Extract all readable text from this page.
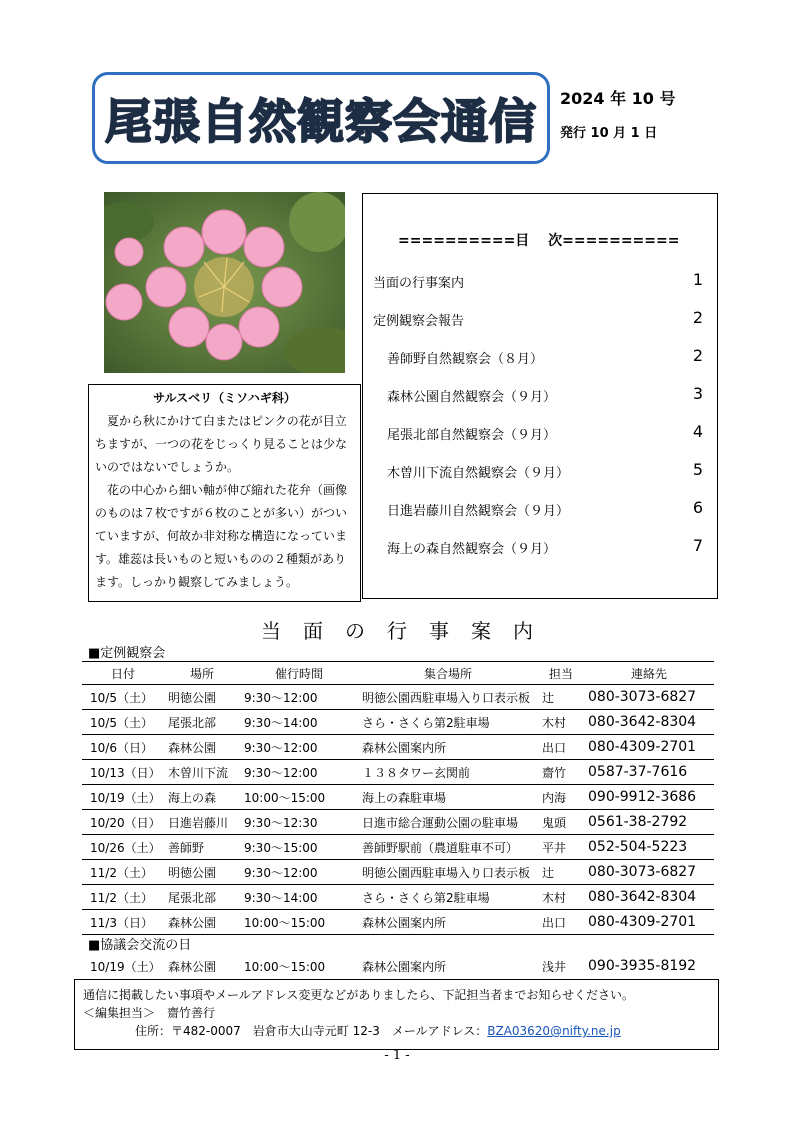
尾張自然観察会通信 2024 年 10 号
発行 10 月 1 日
サルスベリ（ミソハギ科）

夏から秋にかけて白またはピンクの花が目立ちますが、一つの花をじっくり見ることは少ないのではないでしょうか。

花の中心から細い軸が伸び縮れた花弁（画像のものは７枚ですが６枚のことが多い）がついていますが、何故か非対称な構造になっています。雄蕊は長いものと短いものの２種類があります。しっかり観察してみましょう。

==========目　 次==========
当面の行事案内	1
定例観察会報告	2
善師野自然観察会（８月）	2
森林公園自然観察会（９月）	3
尾張北部自然観察会（９月）	4
木曽川下流自然観察会（９月）	5
日進岩藤川自然観察会（９月）	6
海上の森自然観察会（９月）	7
当面の行事案内
■定例観察会
日付	場所	催行時間	集合場所	担当	連絡先
10/5（土）	明徳公園	9:30～12:00	明徳公園西駐車場入り口表示板	辻	080-3073-6827
10/5（土）	尾張北部	9:30～14:00	さら・さくら第2駐車場	木村	080-3642-8304
10/6（日）	森林公園	9:30～12:00	森林公園案内所	出口	080-4309-2701
10/13（日）	木曽川下流	9:30～12:00	１３８タワー玄関前	齋竹	0587-37-7616
10/19（土）	海上の森	10:00～15:00	海上の森駐車場	内海	090-9912-3686
10/20（日）	日進岩藤川	9:30～12:30	日進市総合運動公園の駐車場	鬼頭	0561-38-2792
10/26（土）	善師野	9:30～15:00	善師野駅前（農道駐車不可）	平井	052-504-5223
11/2（土）	明徳公園	9:30～12:00	明徳公園西駐車場入り口表示板	辻	080-3073-6827
11/2（土）	尾張北部	9:30～14:00	さら・さくら第2駐車場	木村	080-3642-8304
11/3（日）	森林公園	10:00～15:00	森林公園案内所	出口	080-4309-2701
■協議会交流の日
10/19（土）	森林公園	10:00～15:00	森林公園案内所	浅井	090-3935-8192
通信に掲載したい事項やメールアドレス変更などがありましたら、下記担当者までお知らせください。
＜編集担当＞　齋竹善行
住所：〒482-0007　岩倉市大山寺元町 12-3　メールアドレス：BZA03620@nifty.ne.jp
- 1 -
